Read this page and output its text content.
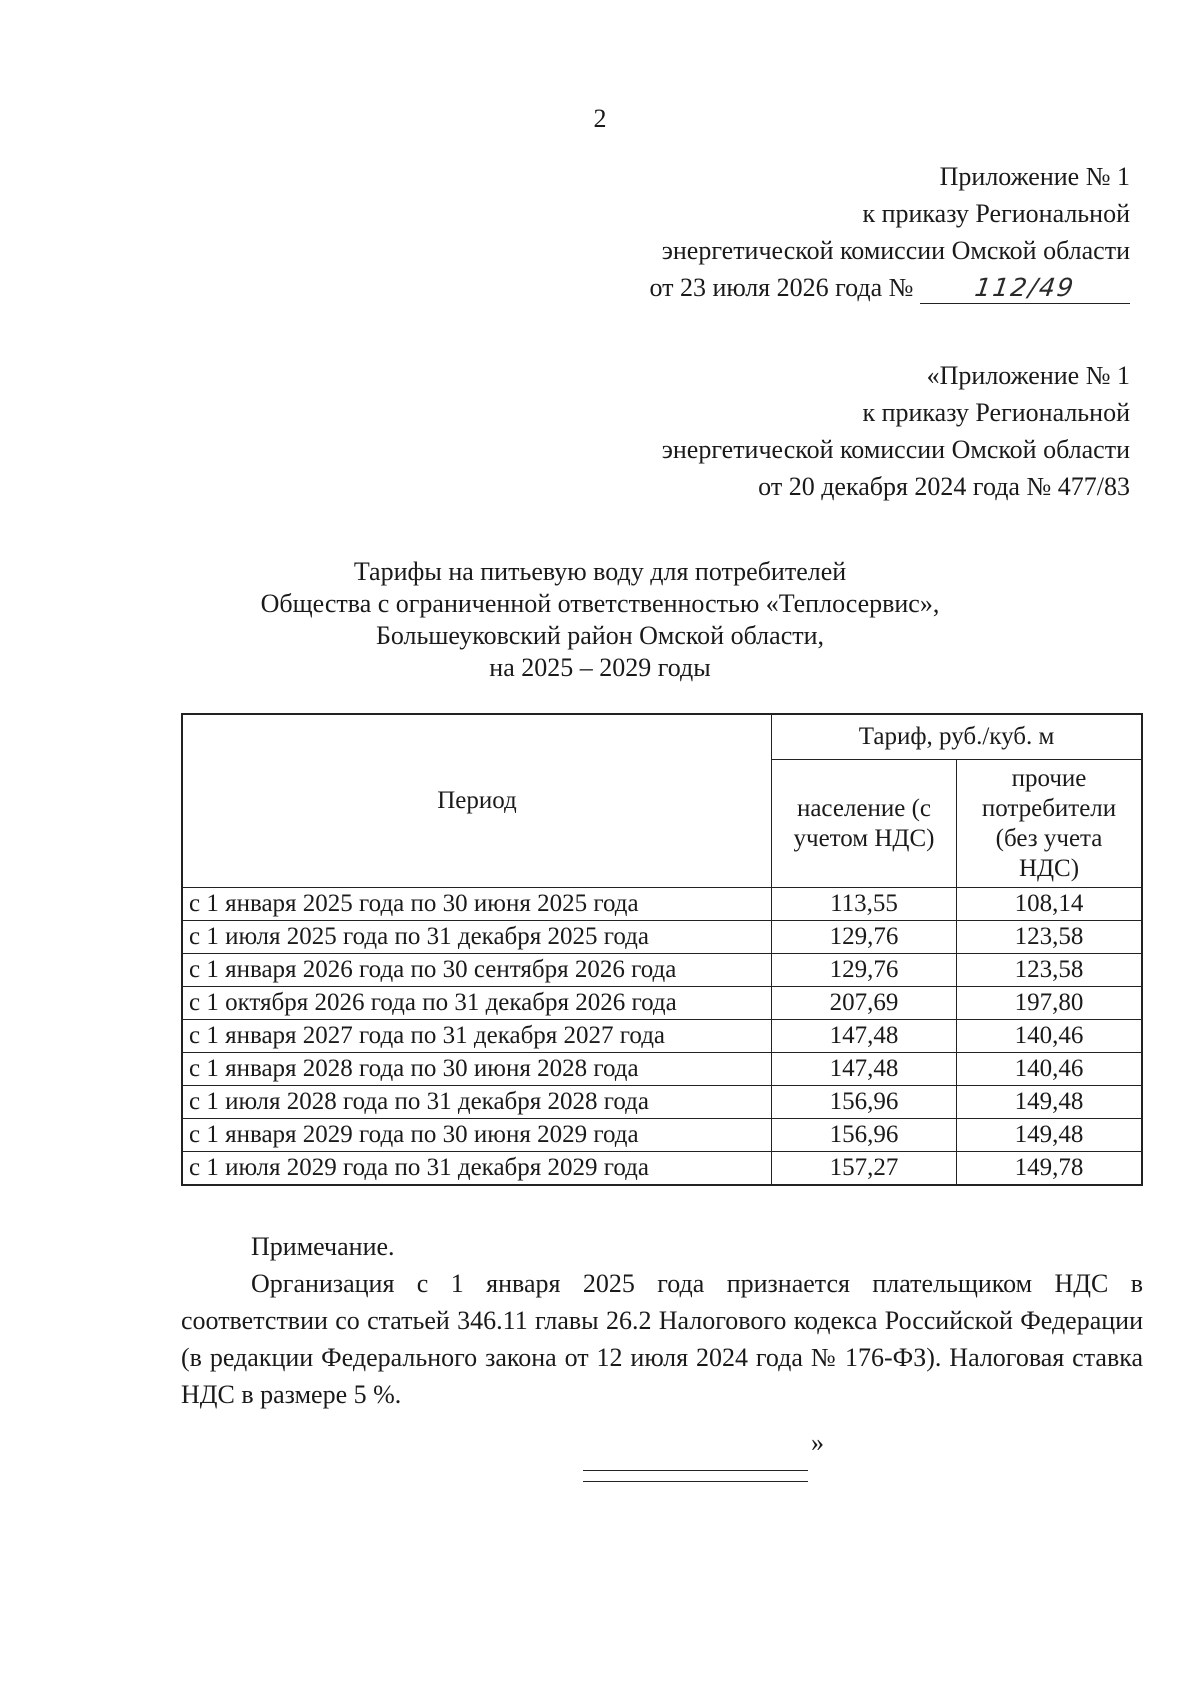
2
Приложение № 1
к приказу Региональной
энергетической комиссии Омской области
от 23 июля 2026 года № 112/49
«Приложение № 1
к приказу Региональной
энергетической комиссии Омской области
от 20 декабря 2024 года № 477/83
Тарифы на питьевую воду для потребителей
Общества с ограниченной ответственностью «Теплосервис»,
Большеуковский район Омской области,
на 2025 – 2029 годы
Период	Тариф, руб./куб. м	
	население (с учетом НДС)	прочие потребители (без учета НДС)
с 1 января 2025 года по 30 июня 2025 года	113,55	108,14
с 1 июля 2025 года по 31 декабря 2025 года	129,76	123,58
с 1 января 2026 года по 30 сентября 2026 года	129,76	123,58
с 1 октября 2026 года по 31 декабря 2026 года	207,69	197,80
с 1 января 2027 года по 31 декабря 2027 года	147,48	140,46
с 1 января 2028 года по 30 июня 2028 года	147,48	140,46
с 1 июля 2028 года по 31 декабря 2028 года	156,96	149,48
с 1 января 2029 года по 30 июня 2029 года	156,96	149,48
с 1 июля 2029 года по 31 декабря 2029 года	157,27	149,78
Примечание.
Организация с 1 января 2025 года признается плательщиком НДС в соответствии со статьей 346.11 главы 26.2 Налогового кодекса Российской Федерации (в редакции Федерального закона от 12 июля 2024 года № 176-ФЗ). Налоговая ставка НДС в размере 5 %.
»
